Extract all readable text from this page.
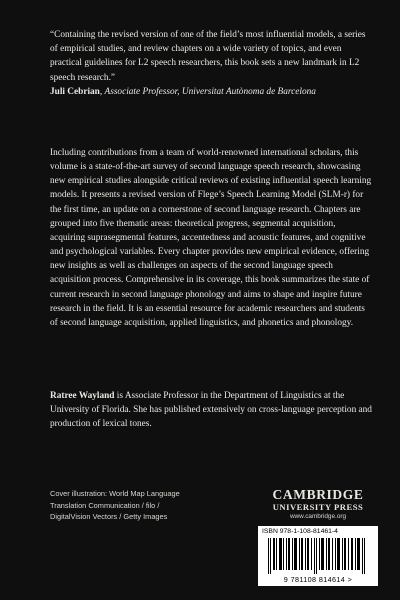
“Containing the revised version of one of the field’s most influential models, a series of empirical studies, and review chapters on a wide variety of topics, and even practical guidelines for L2 speech researchers, this book sets a new landmark in L2 speech research.”

Juli Cebrian, Associate Professor, Universitat Autònoma de Barcelona

Including contributions from a team of world-renowned international scholars, this volume is a state-of-the-art survey of second language speech research, showcasing new empirical studies alongside critical reviews of existing influential speech learning models. It presents a revised version of Flege’s Speech Learning Model (SLM-r) for the first time, an update on a cornerstone of second language research. Chapters are grouped into five thematic areas: theoretical progress, segmental acquisition, acquiring suprasegmental features, accentedness and acoustic features, and cognitive and psychological variables. Every chapter provides new empirical evidence, offering new insights as well as challenges on aspects of the second language speech acquisition process. Comprehensive in its coverage, this book summarizes the state of current research in second language phonology and aims to shape and inspire future research in the field. It is an essential resource for academic researchers and students of second language acquisition, applied linguistics, and phonetics and phonology.

Ratree Wayland is Associate Professor in the Department of Linguistics at the University of Florida. She has published extensively on cross-language perception and production of lexical tones.

Cover illustration: World Map Language
Translation Communication / filo /
DigitalVision Vectors / Getty Images
CAMBRIDGE
UNIVERSITY PRESS
www.cambridge.org
ISBN 978-1-108-81461-4
9 781108 814614 >
